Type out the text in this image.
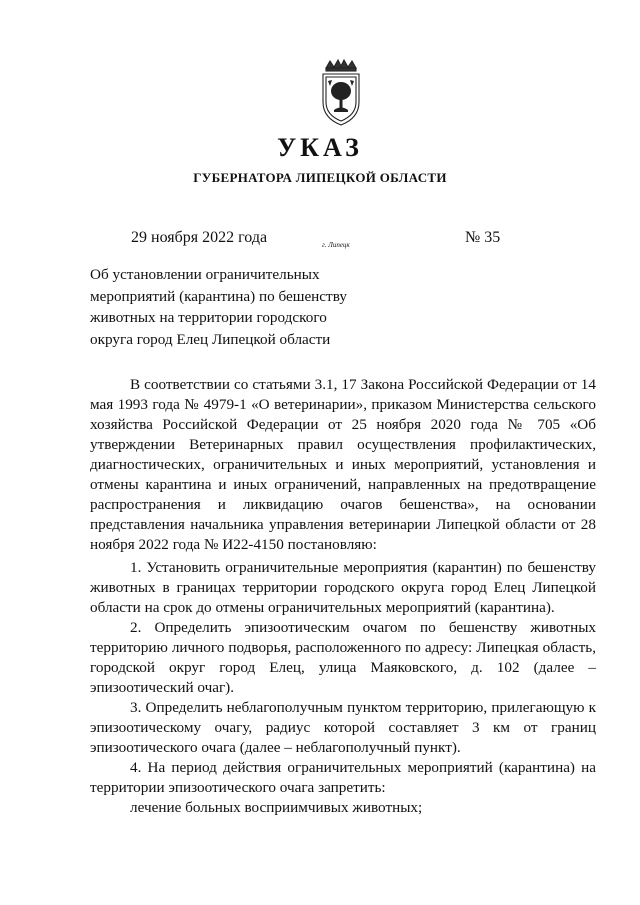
УКАЗ
ГУБЕРНАТОРА ЛИПЕЦКОЙ ОБЛАСТИ
29 ноября 2022 года	г. Липецк	№ 35
Об установлении ограничительных мероприятий (карантина) по бешенству животных на территории городского округа город Елец Липецкой области

В соответствии со статьями 3.1, 17 Закона Российской Федерации от 14 мая 1993 года № 4979-1 «О ветеринарии», приказом Министерства сельского хозяйства Российской Федерации от 25 ноября 2020 года № 705 «Об утверждении Ветеринарных правил осуществления профилактических, диагностических, ограничительных и иных мероприятий, установления и отмены карантина и иных ограничений, направленных на предотвращение распространения и ликвидацию очагов бешенства», на основании представления начальника управления ветеринарии Липецкой области от 28 ноября 2022 года № И22-4150 постановляю:

1. Установить ограничительные мероприятия (карантин) по бешенству животных в границах территории городского округа город Елец Липецкой области на срок до отмены ограничительных мероприятий (карантина).

2. Определить эпизоотическим очагом по бешенству животных территорию личного подворья, расположенного по адресу: Липецкая область, городской округ город Елец, улица Маяковского, д. 102 (далее – эпизоотический очаг).

3. Определить неблагополучным пунктом территорию, прилегающую к эпизоотическому очагу, радиус которой составляет 3 км от границ эпизоотического очага (далее – неблагополучный пункт).

4. На период действия ограничительных мероприятий (карантина) на территории эпизоотического очага запретить:

лечение больных восприимчивых животных;
